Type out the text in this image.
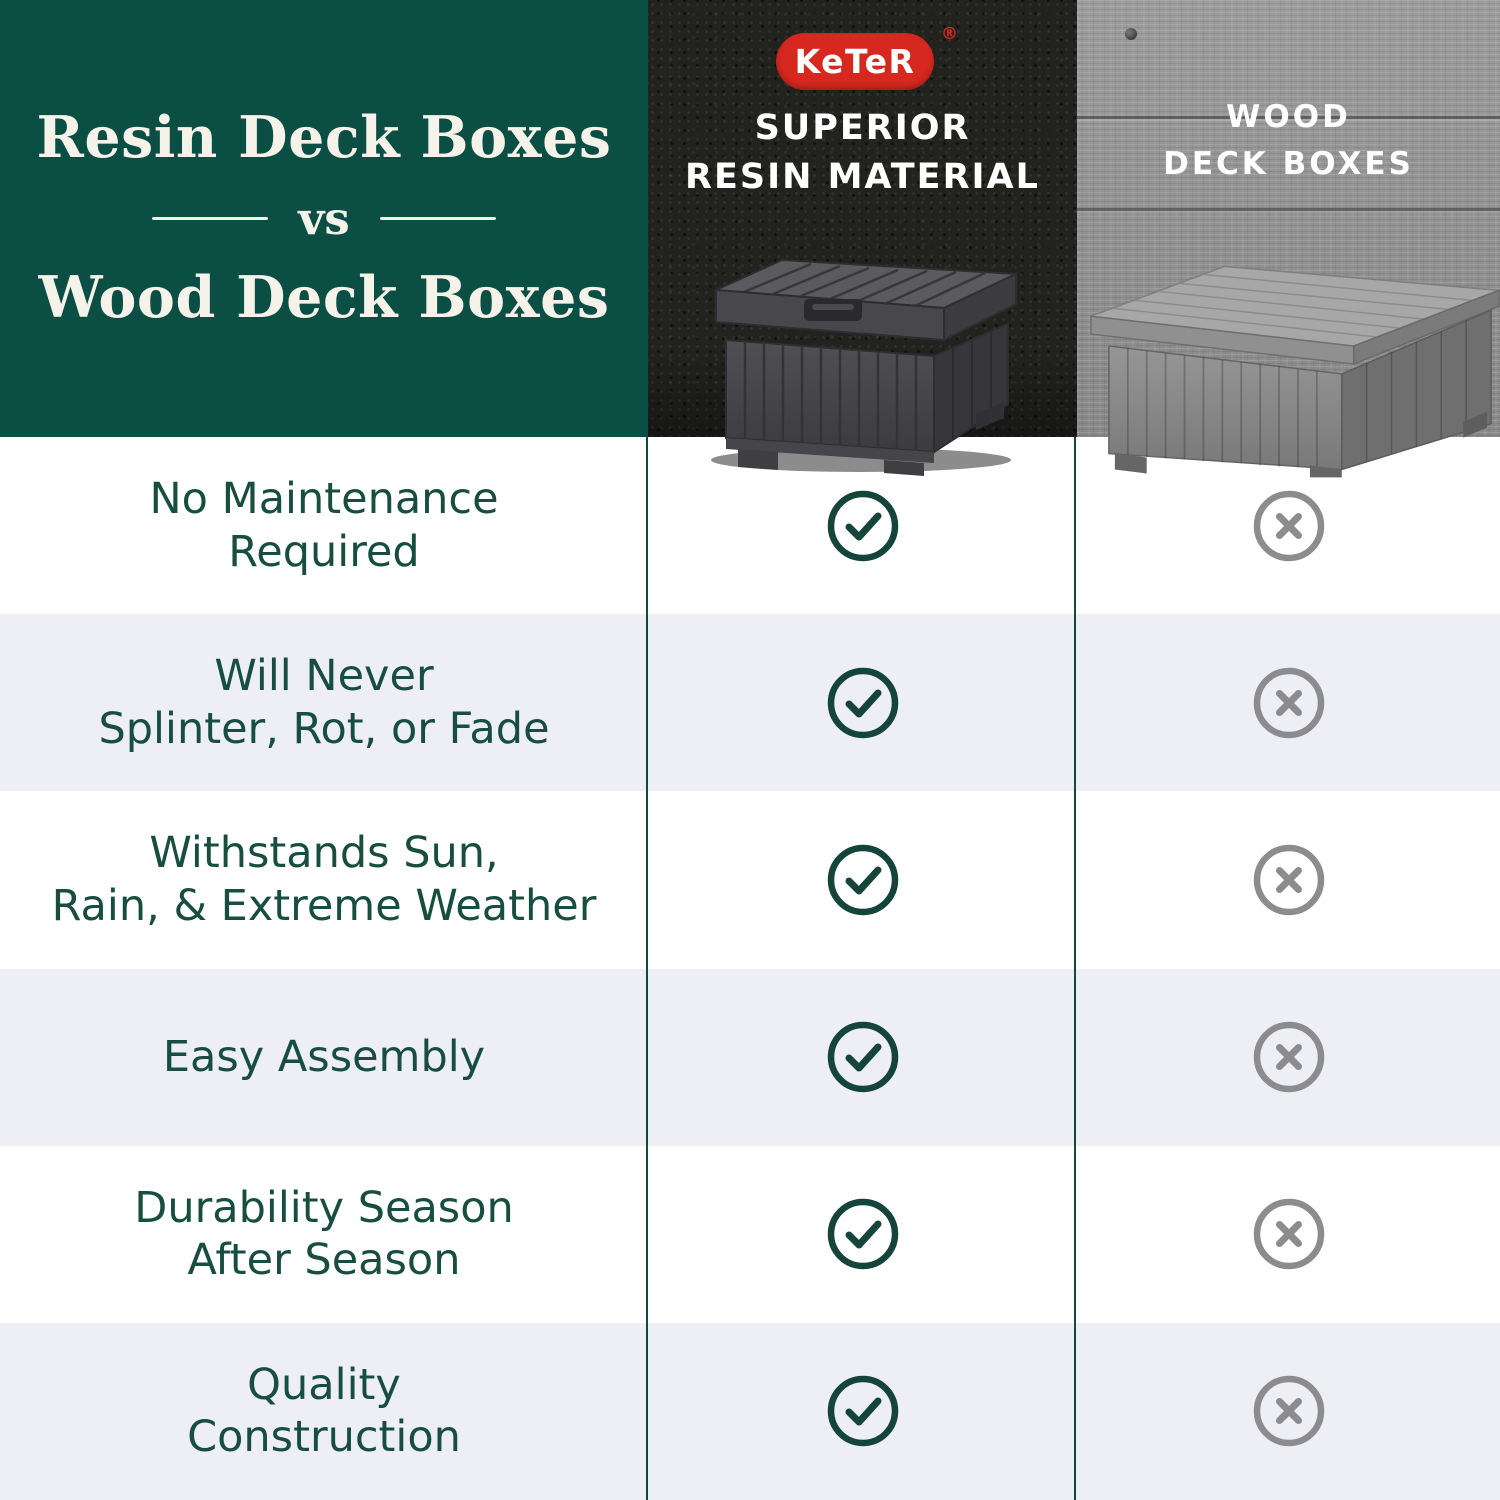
Resin Deck Boxes
vs
Wood Deck Boxes
KeTeR
®
SUPERIOR
RESIN MATERIAL
WOOD
DECK BOXES
No Maintenance
Required
Will Never
Splinter, Rot, or Fade
Withstands Sun,
Rain, & Extreme Weather
Easy Assembly
Durability Season
After Season
Quality
Construction
